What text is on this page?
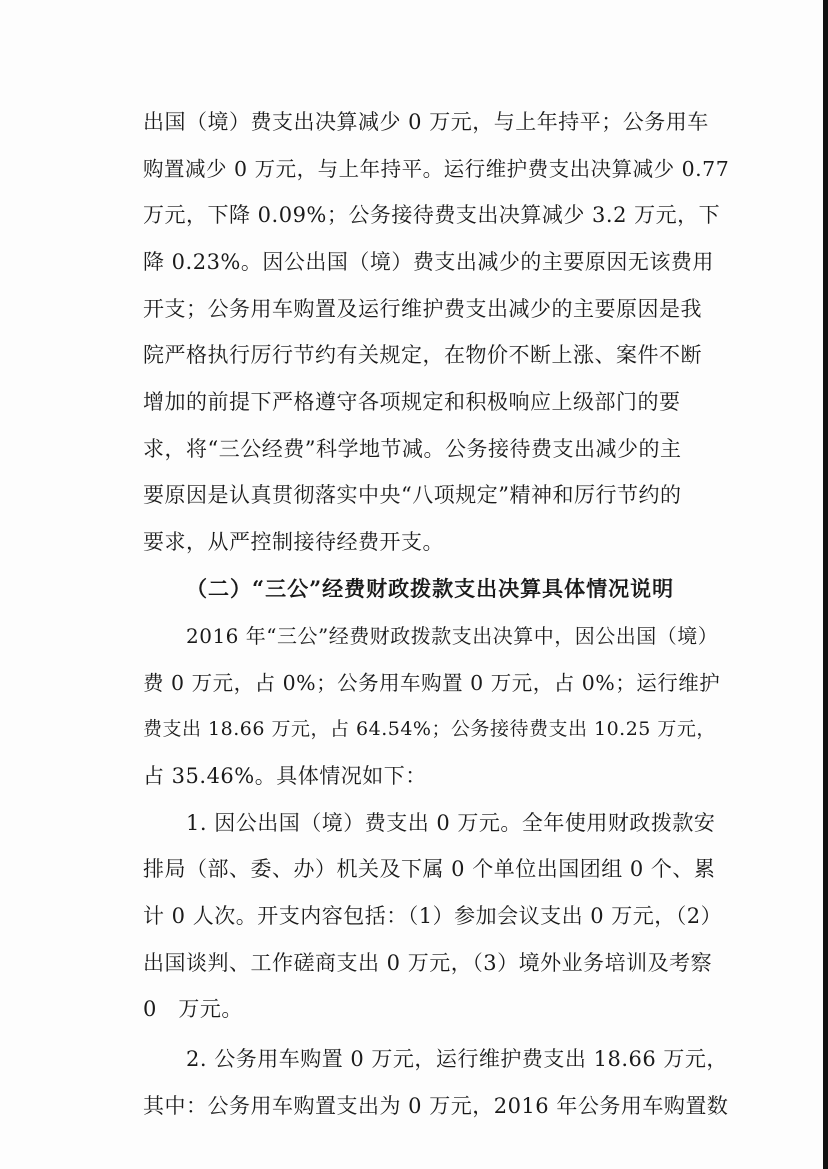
出国（境）费支出决算减少 0 万元，与上年持平；公务用车
购置减少 0 万元，与上年持平。运行维护费支出决算减少 0.77
万元，下降 0.09%；公务接待费支出决算减少 3.2 万元，下
降 0.23%。因公出国（境）费支出减少的主要原因无该费用
开支；公务用车购置及运行维护费支出减少的主要原因是我
院严格执行厉行节约有关规定，在物价不断上涨、案件不断
增加的前提下严格遵守各项规定和积极响应上级部门的要
求，将“三公经费”科学地节减。公务接待费支出减少的主
要原因是认真贯彻落实中央“八项规定”精神和厉行节约的
要求，从严控制接待经费开支。
（二）“三公”经费财政拨款支出决算具体情况说明
2016 年“三公”经费财政拨款支出决算中，因公出国（境）
费 0 万元，占 0%；公务用车购置 0 万元，占 0%；运行维护
费支出 18.66 万元，占 64.54%；公务接待费支出 10.25 万元，
占 35.46%。具体情况如下：
1. 因公出国（境）费支出 0 万元。全年使用财政拨款安
排局（部、委、办）机关及下属 0 个单位出国团组 0 个、累
计 0 人次。开支内容包括：（1）参加会议支出 0 万元，（2）
出国谈判、工作磋商支出 0 万元，（3）境外业务培训及考察
0　万元。
2. 公务用车购置 0 万元，运行维护费支出 18.66 万元，
其中：公务用车购置支出为 0 万元，2016 年公务用车购置数
